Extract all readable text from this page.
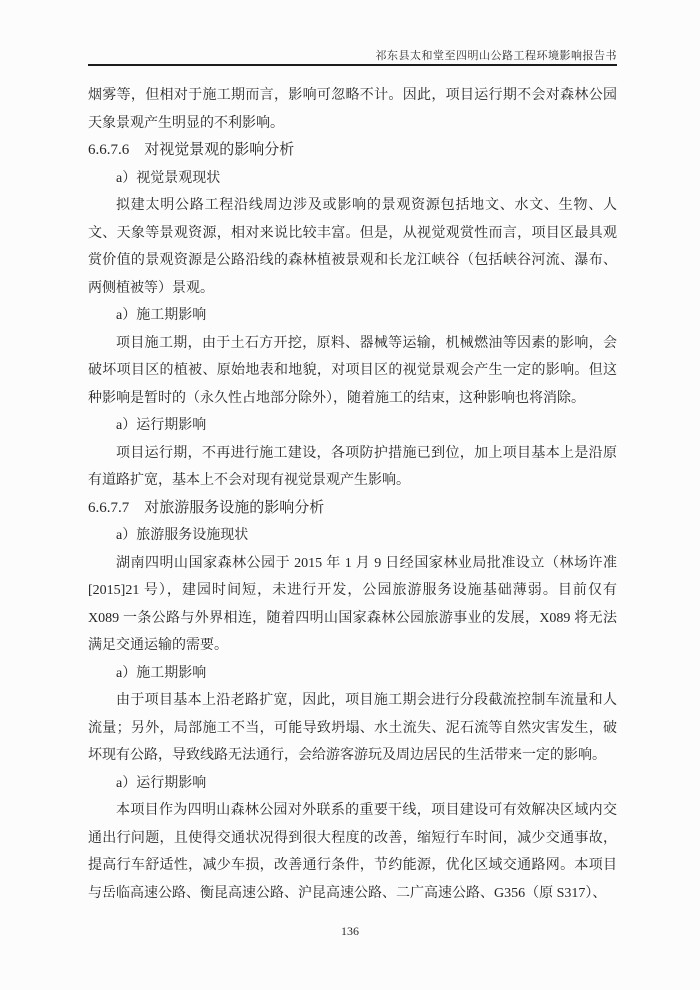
祁东县太和堂至四明山公路工程环境影响报告书

烟雾等，但相对于施工期而言，影响可忽略不计。因此，项目运行期不会对森林公园天象景观产生明显的不利影响。

6.6.7.6　对视觉景观的影响分析

a）视觉景观现状

拟建太明公路工程沿线周边涉及或影响的景观资源包括地文、水文、生物、人文、天象等景观资源，相对来说比较丰富。但是，从视觉观赏性而言，项目区最具观赏价值的景观资源是公路沿线的森林植被景观和长龙江峡谷（包括峡谷河流、瀑布、两侧植被等）景观。

a）施工期影响

项目施工期，由于土石方开挖，原料、器械等运输，机械燃油等因素的影响，会破坏项目区的植被、原始地表和地貌，对项目区的视觉景观会产生一定的影响。但这种影响是暂时的（永久性占地部分除外），随着施工的结束，这种影响也将消除。

a）运行期影响

项目运行期，不再进行施工建设，各项防护措施已到位，加上项目基本上是沿原有道路扩宽，基本上不会对现有视觉景观产生影响。

6.6.7.7　对旅游服务设施的影响分析

a）旅游服务设施现状

湖南四明山国家森林公园于 2015 年 1 月 9 日经国家林业局批准设立（林场许准[2015]21 号），建园时间短，未进行开发，公园旅游服务设施基础薄弱。目前仅有 X089 一条公路与外界相连，随着四明山国家森林公园旅游事业的发展，X089 将无法满足交通运输的需要。

a）施工期影响

由于项目基本上沿老路扩宽，因此，项目施工期会进行分段截流控制车流量和人流量；另外，局部施工不当，可能导致坍塌、水土流失、泥石流等自然灾害发生，破坏现有公路，导致线路无法通行，会给游客游玩及周边居民的生活带来一定的影响。

a）运行期影响

本项目作为四明山森林公园对外联系的重要干线，项目建设可有效解决区域内交通出行问题，且使得交通状况得到很大程度的改善，缩短行车时间，减少交通事故，提高行车舒适性，减少车损，改善通行条件，节约能源，优化区域交通路网。本项目与岳临高速公路、衡昆高速公路、沪昆高速公路、二广高速公路、G356（原 S317）、

136
